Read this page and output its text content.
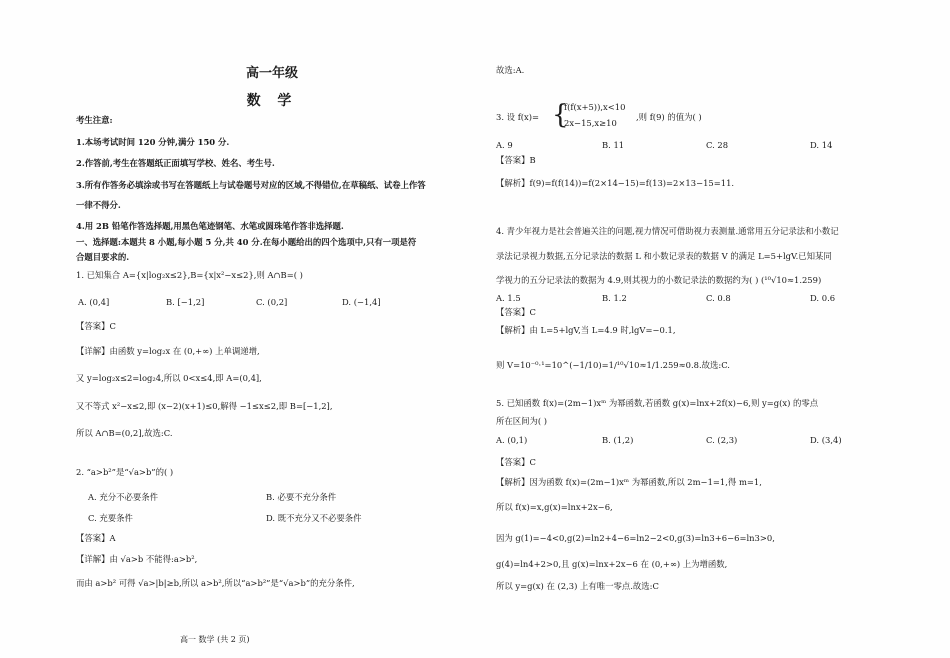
高一年级
数 学
考生注意:
1.本场考试时间 120 分钟,满分 150 分.
2.作答前,考生在答题纸正面填写学校、姓名、考生号.
3.所有作答务必填涂或书写在答题纸上与试卷题号对应的区域,不得错位,在草稿纸、试卷上作答
一律不得分.
4.用 2B 铅笔作答选择题,用黑色笔迹钢笔、水笔或圆珠笔作答非选择题.
一、选择题:本题共 8 小题,每小题 5 分,共 40 分.在每小题给出的四个选项中,只有一项是符
合题目要求的.
1. 已知集合 A={x|log₂x≤2},B={x|x²−x≤2},则 A∩B=( )
A. (0,4]	B. [−1,2]	C. (0,2]	D. (−1,4]
【答案】C
【详解】由函数 y=log₂x 在 (0,+∞) 上单调递增,
又 y=log₂x≤2=log₂4,所以 0<x≤4,即 A=(0,4],
又不等式 x²−x≤2,即 (x−2)(x+1)≤0,解得 −1≤x≤2,即 B=[−1,2],
所以 A∩B=(0,2],故选:C.
2. “a>b²”是“√a>b”的( )
A. 充分不必要条件	B. 必要不充分条件
C. 充要条件	D. 既不充分又不必要条件
【答案】A
【详解】由 √a>b 不能得:a>b²,
而由 a>b² 可得 √a>|b|≥b,所以 a>b²,所以“a>b²”是“√a>b”的充分条件,
高一 数学 (共 2 页)
故选:A.
3. 设 f(x)= {
f(f(x+5)),x<10
2x−15,x≥10
,则 f(9) 的值为( )
A. 9	B. 11	C. 28	D. 14
【答案】B
【解析】f(9)=f(f(14))=f(2×14−15)=f(13)=2×13−15=11.
4. 青少年视力是社会普遍关注的问题,视力情况可借助视力表测量.通常用五分记录法和小数记
录法记录视力数据,五分记录法的数据 L 和小数记录表的数据 V 的满足 L=5+lgV.已知某同
学视力的五分记录法的数据为 4.9,则其视力的小数记录法的数据约为( ) (¹⁰√10≈1.259)
A. 1.5	B. 1.2	C. 0.8	D. 0.6
【答案】C
【解析】由 L=5+lgV,当 L=4.9 时,lgV=−0.1,
则 V=10⁻⁰·¹=10^(−1/10)=1/¹⁰√10≈1/1.259≈0.8.故选:C.
5. 已知函数 f(x)=(2m−1)xᵐ 为幂函数,若函数 g(x)=lnx+2f(x)−6,则 y=g(x) 的零点
所在区间为( )
A. (0,1)	B. (1,2)	C. (2,3)	D. (3,4)
【答案】C
【解析】因为函数 f(x)=(2m−1)xᵐ 为幂函数,所以 2m−1=1,得 m=1,
所以 f(x)=x,g(x)=lnx+2x−6,
因为 g(1)=−4<0,g(2)=ln2+4−6=ln2−2<0,g(3)=ln3+6−6=ln3>0,
g(4)=ln4+2>0,且 g(x)=lnx+2x−6 在 (0,+∞) 上为增函数,
所以 y=g(x) 在 (2,3) 上有唯一零点.故选:C
